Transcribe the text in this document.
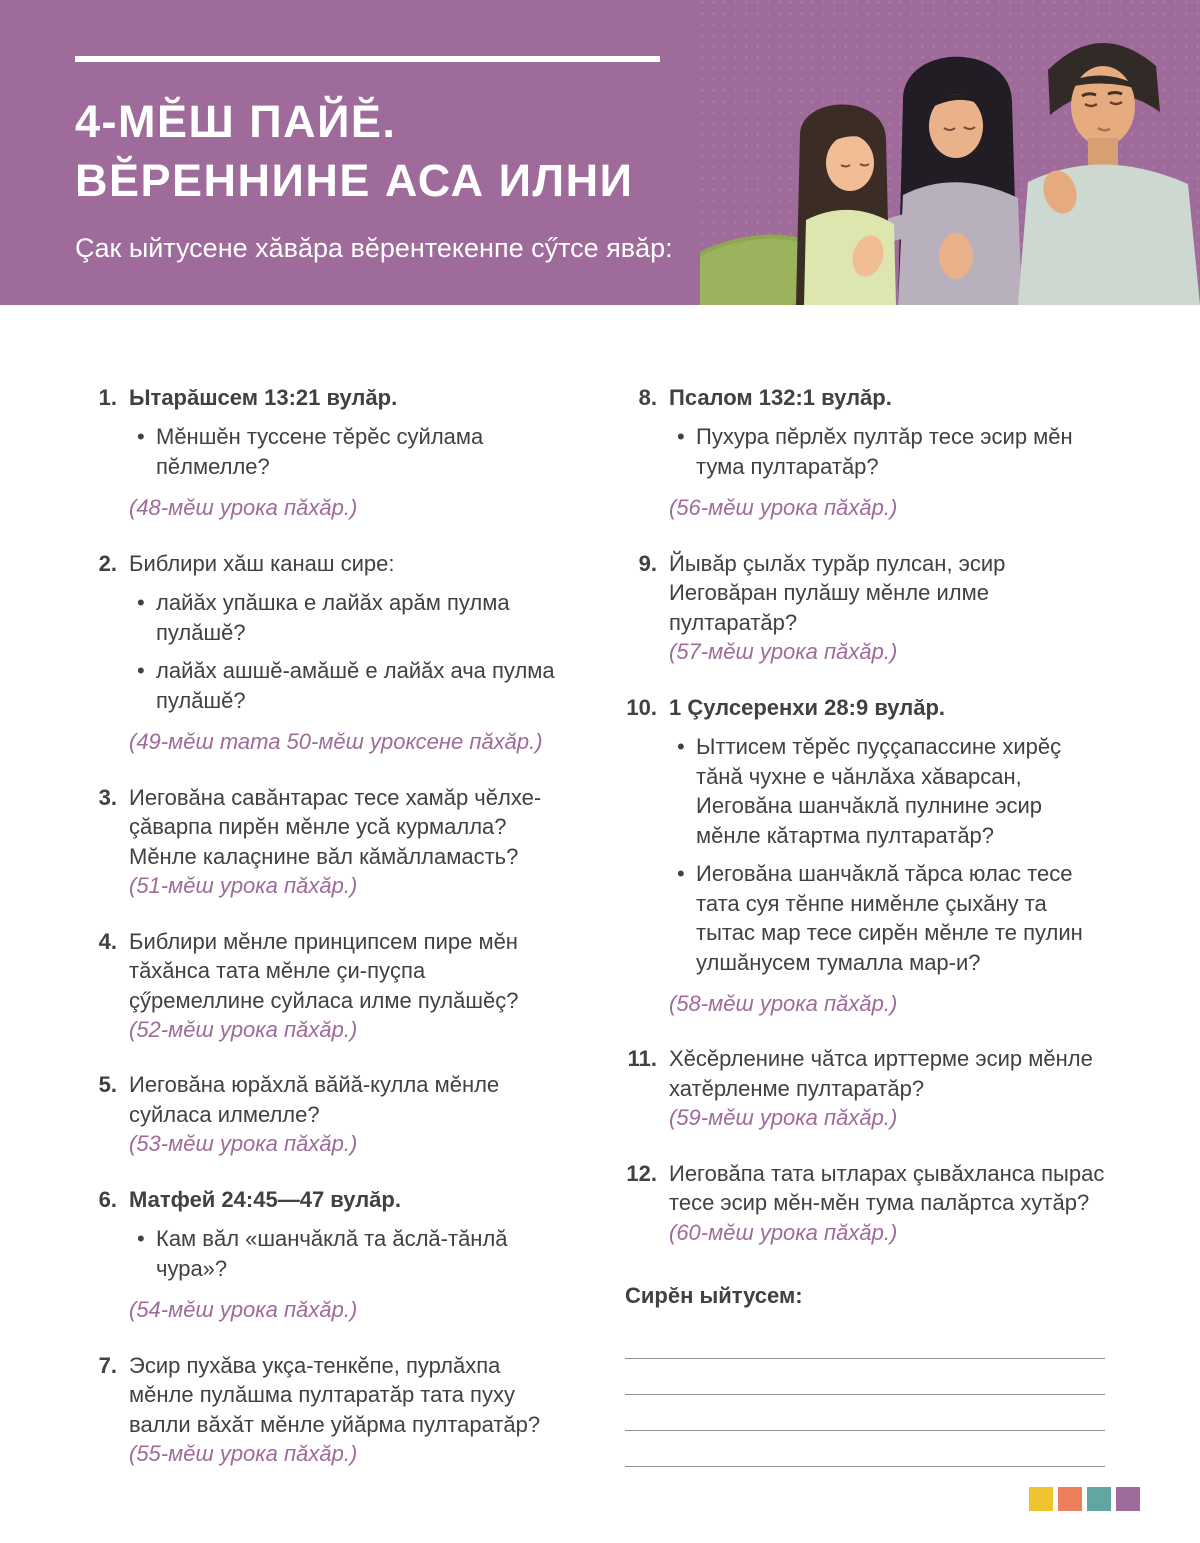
4-МĔШ ПАЙĔ.
ВĔРЕННИНЕ АСА ИЛНИ

Çак ыйтусене хăвăра вĕрентекенпе сӳтсе явăр:

1. Ытарăшсем 13:21 вулăр.

• Мĕншĕн туссене тĕрĕс суйлама пĕлмелле?

(48-мĕш урока пăхăр.)

2. Библири хăш канаш сире:

• лайăх упăшка е лайăх арăм пулма пулăшĕ?
• лайăх ашшĕ-амăшĕ е лайăх ача пулма пулăшĕ?

(49-мĕш тата 50-мĕш уроксене пăхăр.)

3. Иеговăна савăнтарас тесе хамăр чĕлхе-çăварпа пирĕн мĕнле усă курмалла? Мĕнле калаçнине вăл кăмăлламасть?

(51-мĕш урока пăхăр.)

4. Библири мĕнле принципсем пире мĕн тăхăнса тата мĕнле çи-пуçпа çӳремеллине суйласа илме пулăшĕç?

(52-мĕш урока пăхăр.)

5. Иеговăна юрăхлă вăйă-кулла мĕнле суйласа илмелле?

(53-мĕш урока пăхăр.)

6. Матфей 24:45—47 вулăр.

• Кам вăл «шанчăклă та ăслă-тăнлă чура»?

(54-мĕш урока пăхăр.)

7. Эсир пухăва укçа-тенкĕпе, пурлăхпа мĕнле пулăшма пултаратăр тата пуху валли вăхăт мĕнле уйăрма пултаратăр?

(55-мĕш урока пăхăр.)

8. Псалом 132:1 вулăр.

• Пухура пĕрлĕх пултăр тесе эсир мĕн тума пултаратăр?

(56-мĕш урока пăхăр.)

9. Йывăр çылăх турăр пулсан, эсир Иеговăран пулăшу мĕнле илме пултаратăр?

(57-мĕш урока пăхăр.)

10. 1 Çулсеренхи 28:9 вулăр.

• Ыттисем тĕрĕс пуççапассине хирĕç тăнă чухне е чăнлăха хăварсан, Иеговăна шанчăклă пулнине эсир мĕнле кăтартма пултаратăр?
• Иеговăна шанчăклă тăрса юлас тесе тата суя тĕнпе нимĕнле çыхăну та тытас мар тесе сирĕн мĕнле те пулин улшăнусем тумалла мар-и?

(58-мĕш урока пăхăр.)

11. Хĕсĕрленине чăтса ирттерме эсир мĕнле хатĕрленме пултаратăр?

(59-мĕш урока пăхăр.)

12. Иеговăпа тата ытларах çывăхланса пырас тесе эсир мĕн-мĕн тума палăртса хутăр?

(60-мĕш урока пăхăр.)

Сирĕн ыйтусем:
